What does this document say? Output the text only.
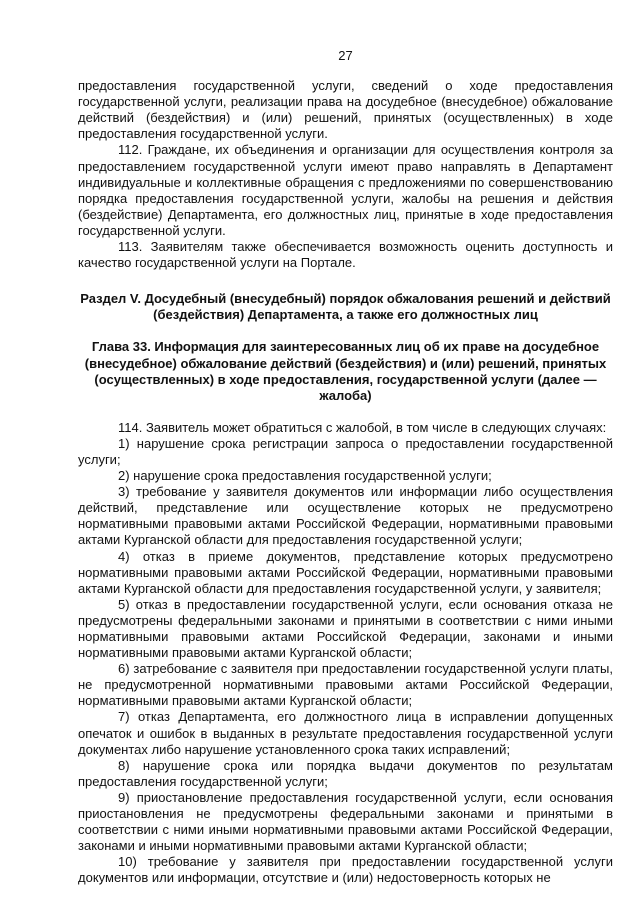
27

предоставления государственной услуги, сведений о ходе предоставления государственной услуги, реализации права на досудебное (внесудебное) обжалование действий (бездействия) и (или) решений, принятых (осуществленных) в ходе предоставления государственной услуги.

112. Граждане, их объединения и организации для осуществления контроля за предоставлением государственной услуги имеют право направлять в Департамент индивидуальные и коллективные обращения с предложениями по совершенствованию порядка предоставления государственной услуги, жалобы на решения и действия (бездействие) Департамента, его должностных лиц, принятые в ходе предоставления государственной услуги.

113. Заявителям также обеспечивается возможность оценить доступность и качество государственной услуги на Портале.

Раздел V. Досудебный (внесудебный) порядок обжалования решений и действий (бездействия) Департамента, а также его должностных лиц
Глава 33. Информация для заинтересованных лиц об их праве на досудебное (внесудебное) обжалование действий (бездействия) и (или) решений, принятых (осуществленных) в ходе предоставления, государственной услуги (далее — жалоба)

114. Заявитель может обратиться с жалобой, в том числе в следующих случаях:

1) нарушение срока регистрации запроса о предоставлении государственной услуги;

2) нарушение срока предоставления государственной услуги;

3) требование у заявителя документов или информации либо осуществления действий, представление или осуществление которых не предусмотрено нормативными правовыми актами Российской Федерации, нормативными правовыми актами Курганской области для предоставления государственной услуги;

4) отказ в приеме документов, представление которых предусмотрено нормативными правовыми актами Российской Федерации, нормативными правовыми актами Курганской области для предоставления государственной услуги, у заявителя;

5) отказ в предоставлении государственной услуги, если основания отказа не предусмотрены федеральными законами и принятыми в соответствии с ними иными нормативными правовыми актами Российской Федерации, законами и иными нормативными правовыми актами Курганской области;

6) затребование с заявителя при предоставлении государственной услуги платы, не предусмотренной нормативными правовыми актами Российской Федерации, нормативными правовыми актами Курганской области;

7) отказ Департамента, его должностного лица в исправлении допущенных опечаток и ошибок в выданных в результате предоставления государственной услуги документах либо нарушение установленного срока таких исправлений;

8) нарушение срока или порядка выдачи документов по результатам предоставления государственной услуги;

9) приостановление предоставления государственной услуги, если основания приостановления не предусмотрены федеральными законами и принятыми в соответствии с ними иными нормативными правовыми актами Российской Федерации, законами и иными нормативными правовыми актами Курганской области;

10) требование у заявителя при предоставлении государственной услуги документов или информации, отсутствие и (или) недостоверность которых не
